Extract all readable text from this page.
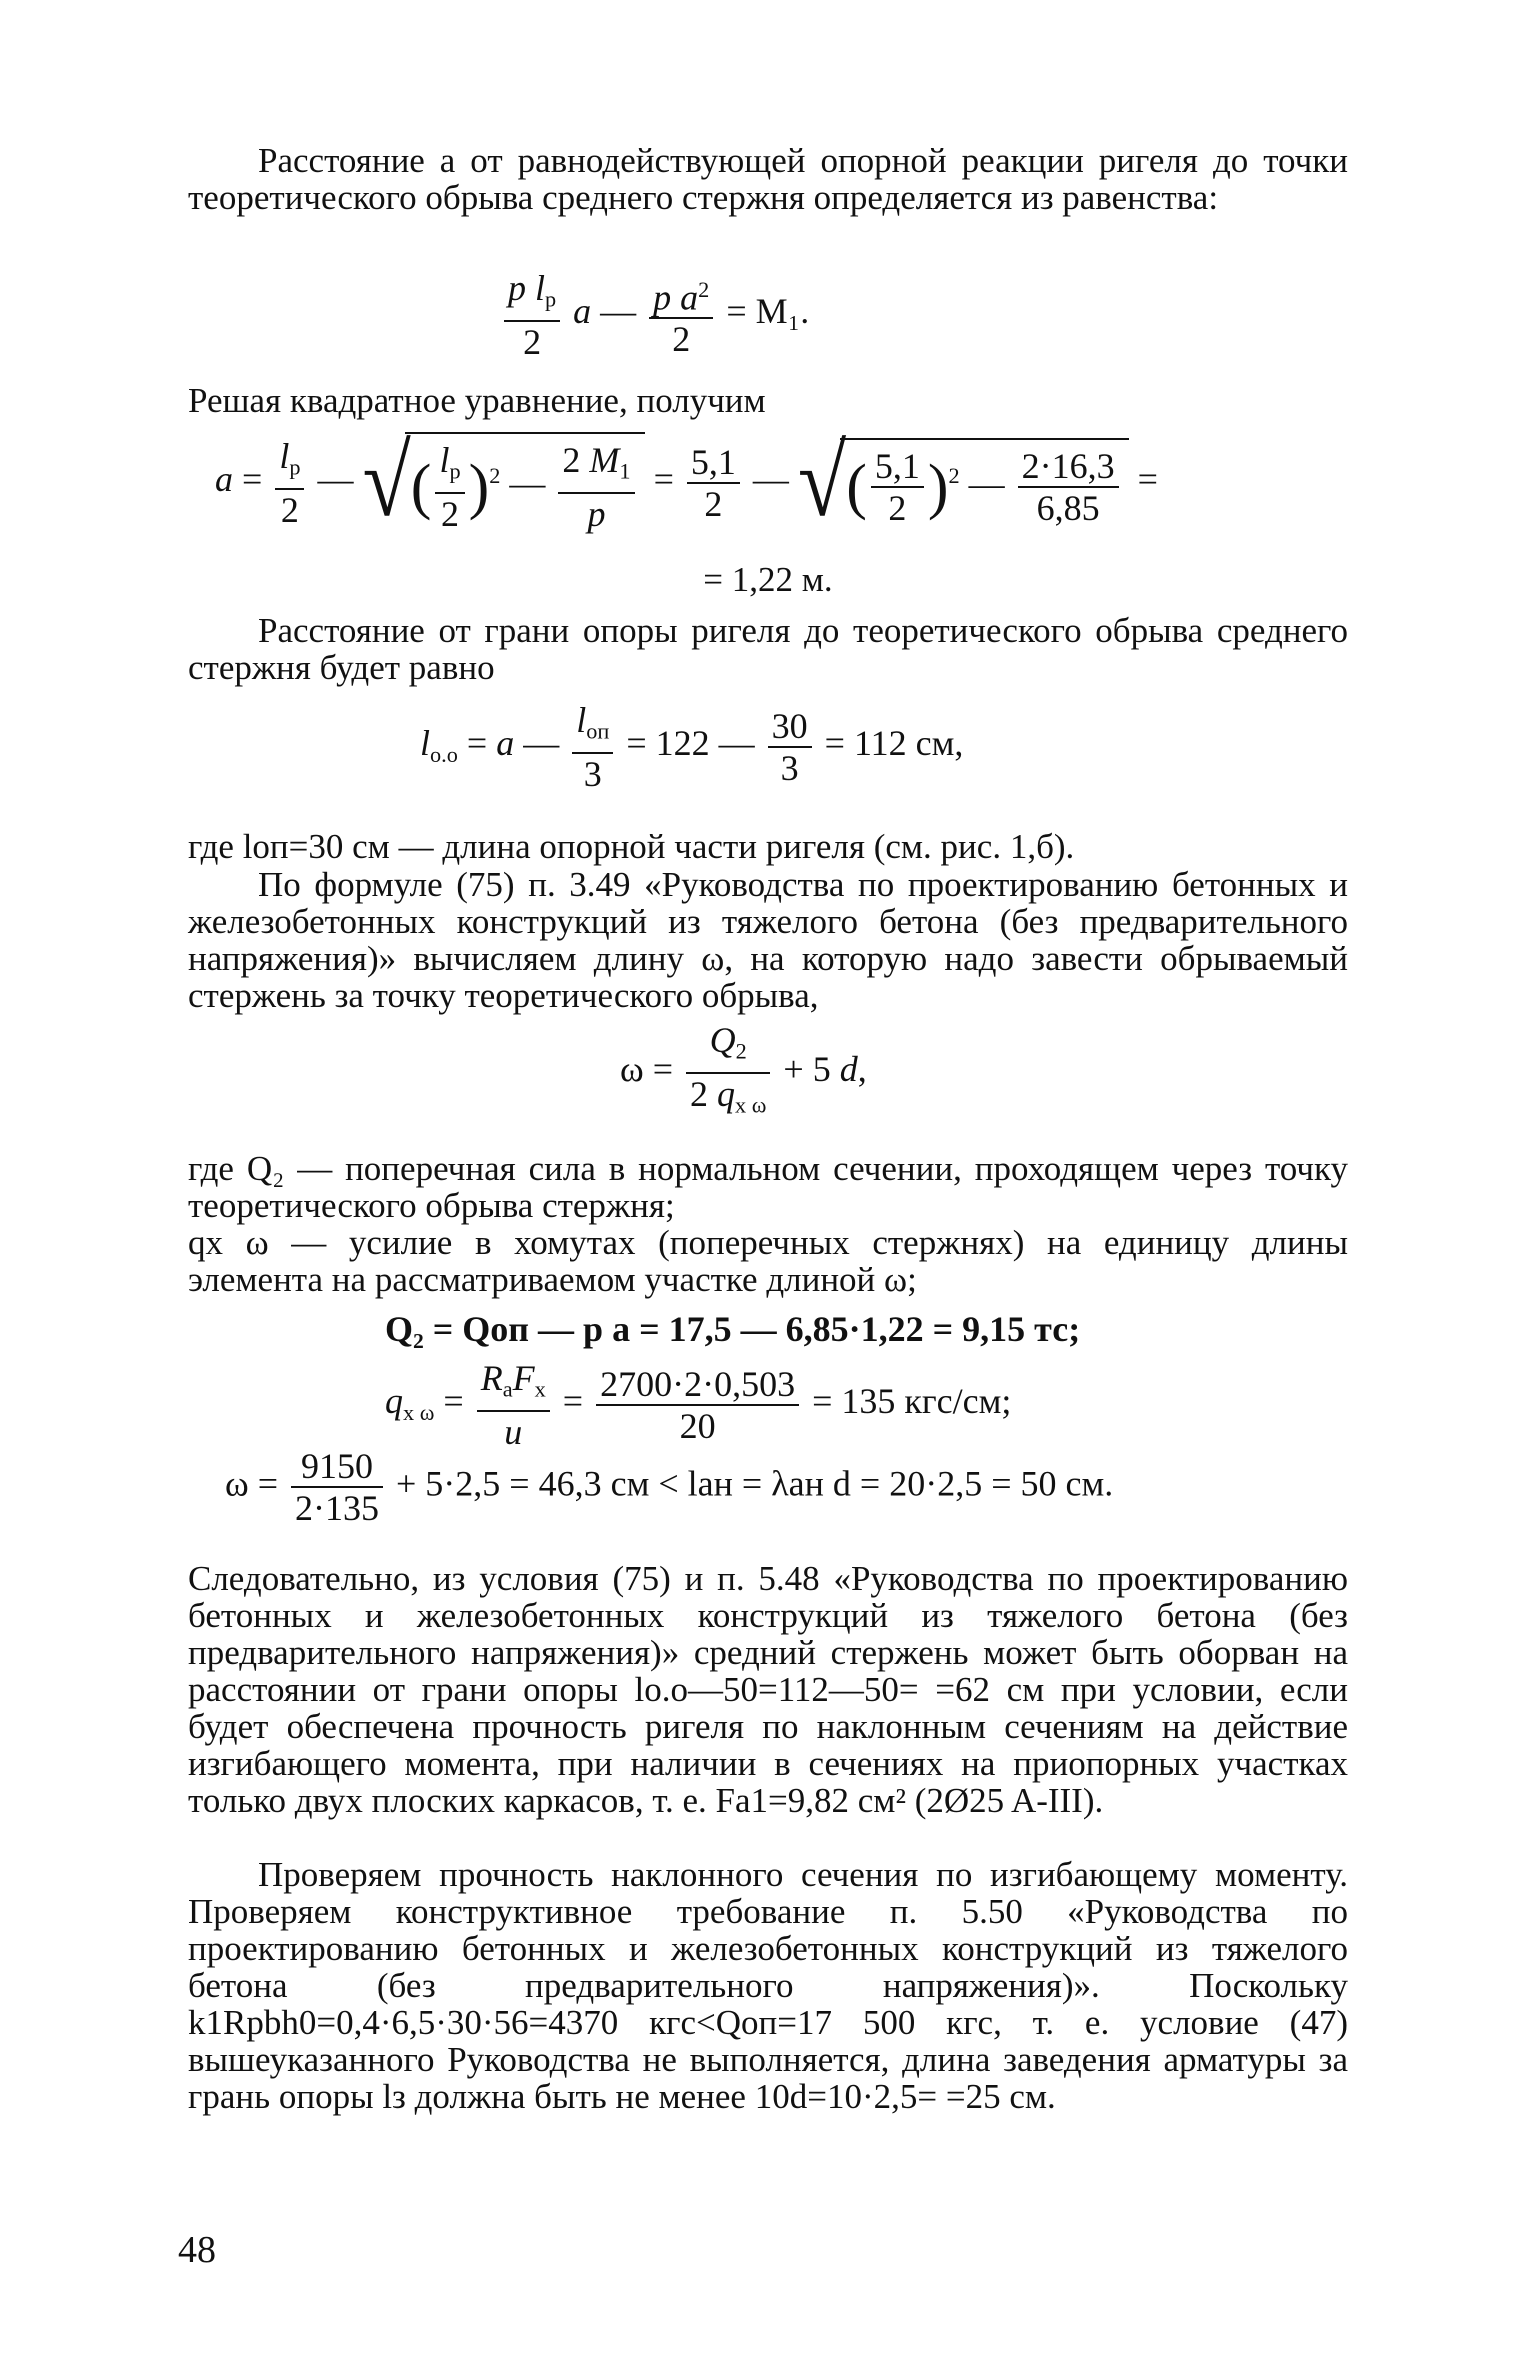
Расстояние a от равнодействующей опорной реакции ригеля до точки теоретического обрыва среднего стержня определяется из равенства:

$\frac{p l_p}{2}$ a — $\frac{p a^2}{2} = M_1$.

Решая квадратное уравнение, получим

$a = \frac{l_p}{2}$ — √( $\frac{l_p}{2} )^2$ — $\frac{2 M_1}{p} = \frac{5,1}{2}$ — √( $\frac{5,1}{2} )^2$ — $\frac{2\cdot 16,3}{6,85}$ =
= 1,22 м.

Расстояние от грани опоры ригеля до теоретического обрыва среднего стержня будет равно

$l_{о.о} = a$ — $\frac{l_{оп}}{3} = 122$ — $\frac{30}{3} = 112$ см,

где lоп=30 см — длина опорной части ригеля (см. рис. 1,б).

По формуле (75) п. 3.49 «Руководства по проектированию бетонных и железобетонных конструкций из тяжелого бетона (без предварительного напряжения)» вычисляем длину ω, на которую надо завести обрываемый стержень за точку теоретического обрыва,

$\omega = \frac{Q_2}{2 q_{х \omega}} + 5$ d,

где Q₂ — поперечная сила в нормальном сечении, проходящем через точку теоретического обрыва стержня;

qх ω — усилие в хомутах (поперечных стержнях) на единицу длины элемента на рассматриваемом участке длиной ω;

Q₂ = Qоп — p a = 17,5 — 6,85·1,22 = 9,15 тс;
$q_{х \omega} = \frac{R_aF_х}{u} = \frac{2700\cdot 2\cdot 0,503}{20} = 135$ кгс/см;
$\omega = \frac{9150}{2\cdot 135} + 5\cdot 2,5 = 46,3$ см < lан = λан d = 20·2,5 = 50 см.

Следовательно, из условия (75) и п. 5.48 «Руководства по проектированию бетонных и железобетонных конструкций из тяжелого бетона (без предварительного напряжения)» средний стержень может быть оборван на расстоянии от грани опоры lо.о—50=112—50= =62 см при условии, если будет обеспечена прочность ригеля по наклонным сечениям на действие изгибающего момента, при наличии в сечениях на приопорных участках только двух плоских каркасов, т. е. Fa1=9,82 см² (2Ø25 A-III).

Проверяем прочность наклонного сечения по изгибающему моменту. Проверяем конструктивное требование п. 5.50 «Руководства по проектированию бетонных и железобетонных конструкций из тяжелого бетона (без предварительного напряжения)». Поскольку k1Rpbh0=0,4·6,5·30·56=4370 кгс<Qоп=17 500 кгс, т. е. условие (47) вышеуказанного Руководства не выполняется, длина заведения арматуры за грань опоры lз должна быть не менее 10d=10·2,5= =25 см.

48
